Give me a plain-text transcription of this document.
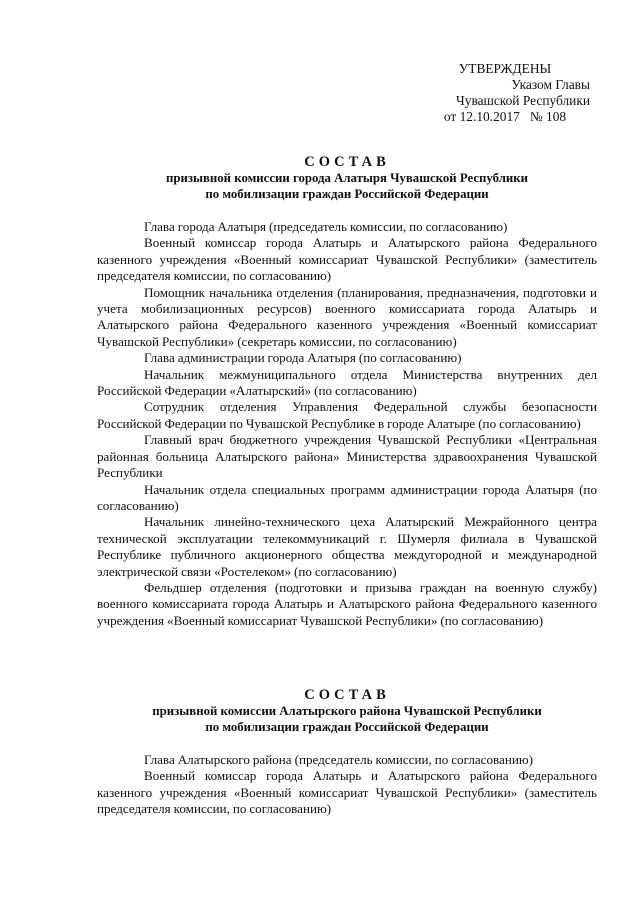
УТВЕРЖДЕНЫ
Указом Главы
Чувашской Республики
от 12.10.2017   № 108

СОСТАВ

призывной комиссии города Алатыря Чувашской Республики

по мобилизации граждан Российской Федерации

Глава города Алатыря (председатель комиссии, по согласованию)

Военный комиссар города Алатырь и Алатырского района Федерального казенного учреждения «Военный комиссариат Чувашской Республики» (заместитель председателя комиссии, по согласованию)

Помощник начальника отделения (планирования, предназначения, подготовки и учета мобилизационных ресурсов) военного комиссариата города Алатырь и Алатырского района Федерального казенного учреждения «Военный комиссариат Чувашской Республики» (секретарь комиссии, по согласованию)

Глава администрации города Алатыря (по согласованию)

Начальник межмуниципального отдела Министерства внутренних дел Российской Федерации «Алатырский» (по согласованию)

Сотрудник отделения Управления Федеральной службы безопасности Российской Федерации по Чувашской Республике в городе Алатыре (по согласованию)

Главный врач бюджетного учреждения Чувашской Республики «Центральная районная больница Алатырского района» Министерства здравоохранения Чувашской Республики

Начальник отдела специальных программ администрации города Алатыря (по согласованию)

Начальник линейно-технического цеха Алатырский Межрайонного центра технической эксплуатации телекоммуникаций г. Шумерля филиала в Чувашской Республике публичного акционерного общества междугородной и международной электрической связи «Ростелеком» (по согласованию)

Фельдшер отделения (подготовки и призыва граждан на военную службу) военного комиссариата города Алатырь и Алатырского района Федерального казенного учреждения «Военный комиссариат Чувашской Республики» (по согласованию)

СОСТАВ

призывной комиссии Алатырского района Чувашской Республики

по мобилизации граждан Российской Федерации

Глава Алатырского района (председатель комиссии, по согласованию)

Военный комиссар города Алатырь и Алатырского района Федерального казенного учреждения «Военный комиссариат Чувашской Республики» (заместитель председателя комиссии, по согласованию)
